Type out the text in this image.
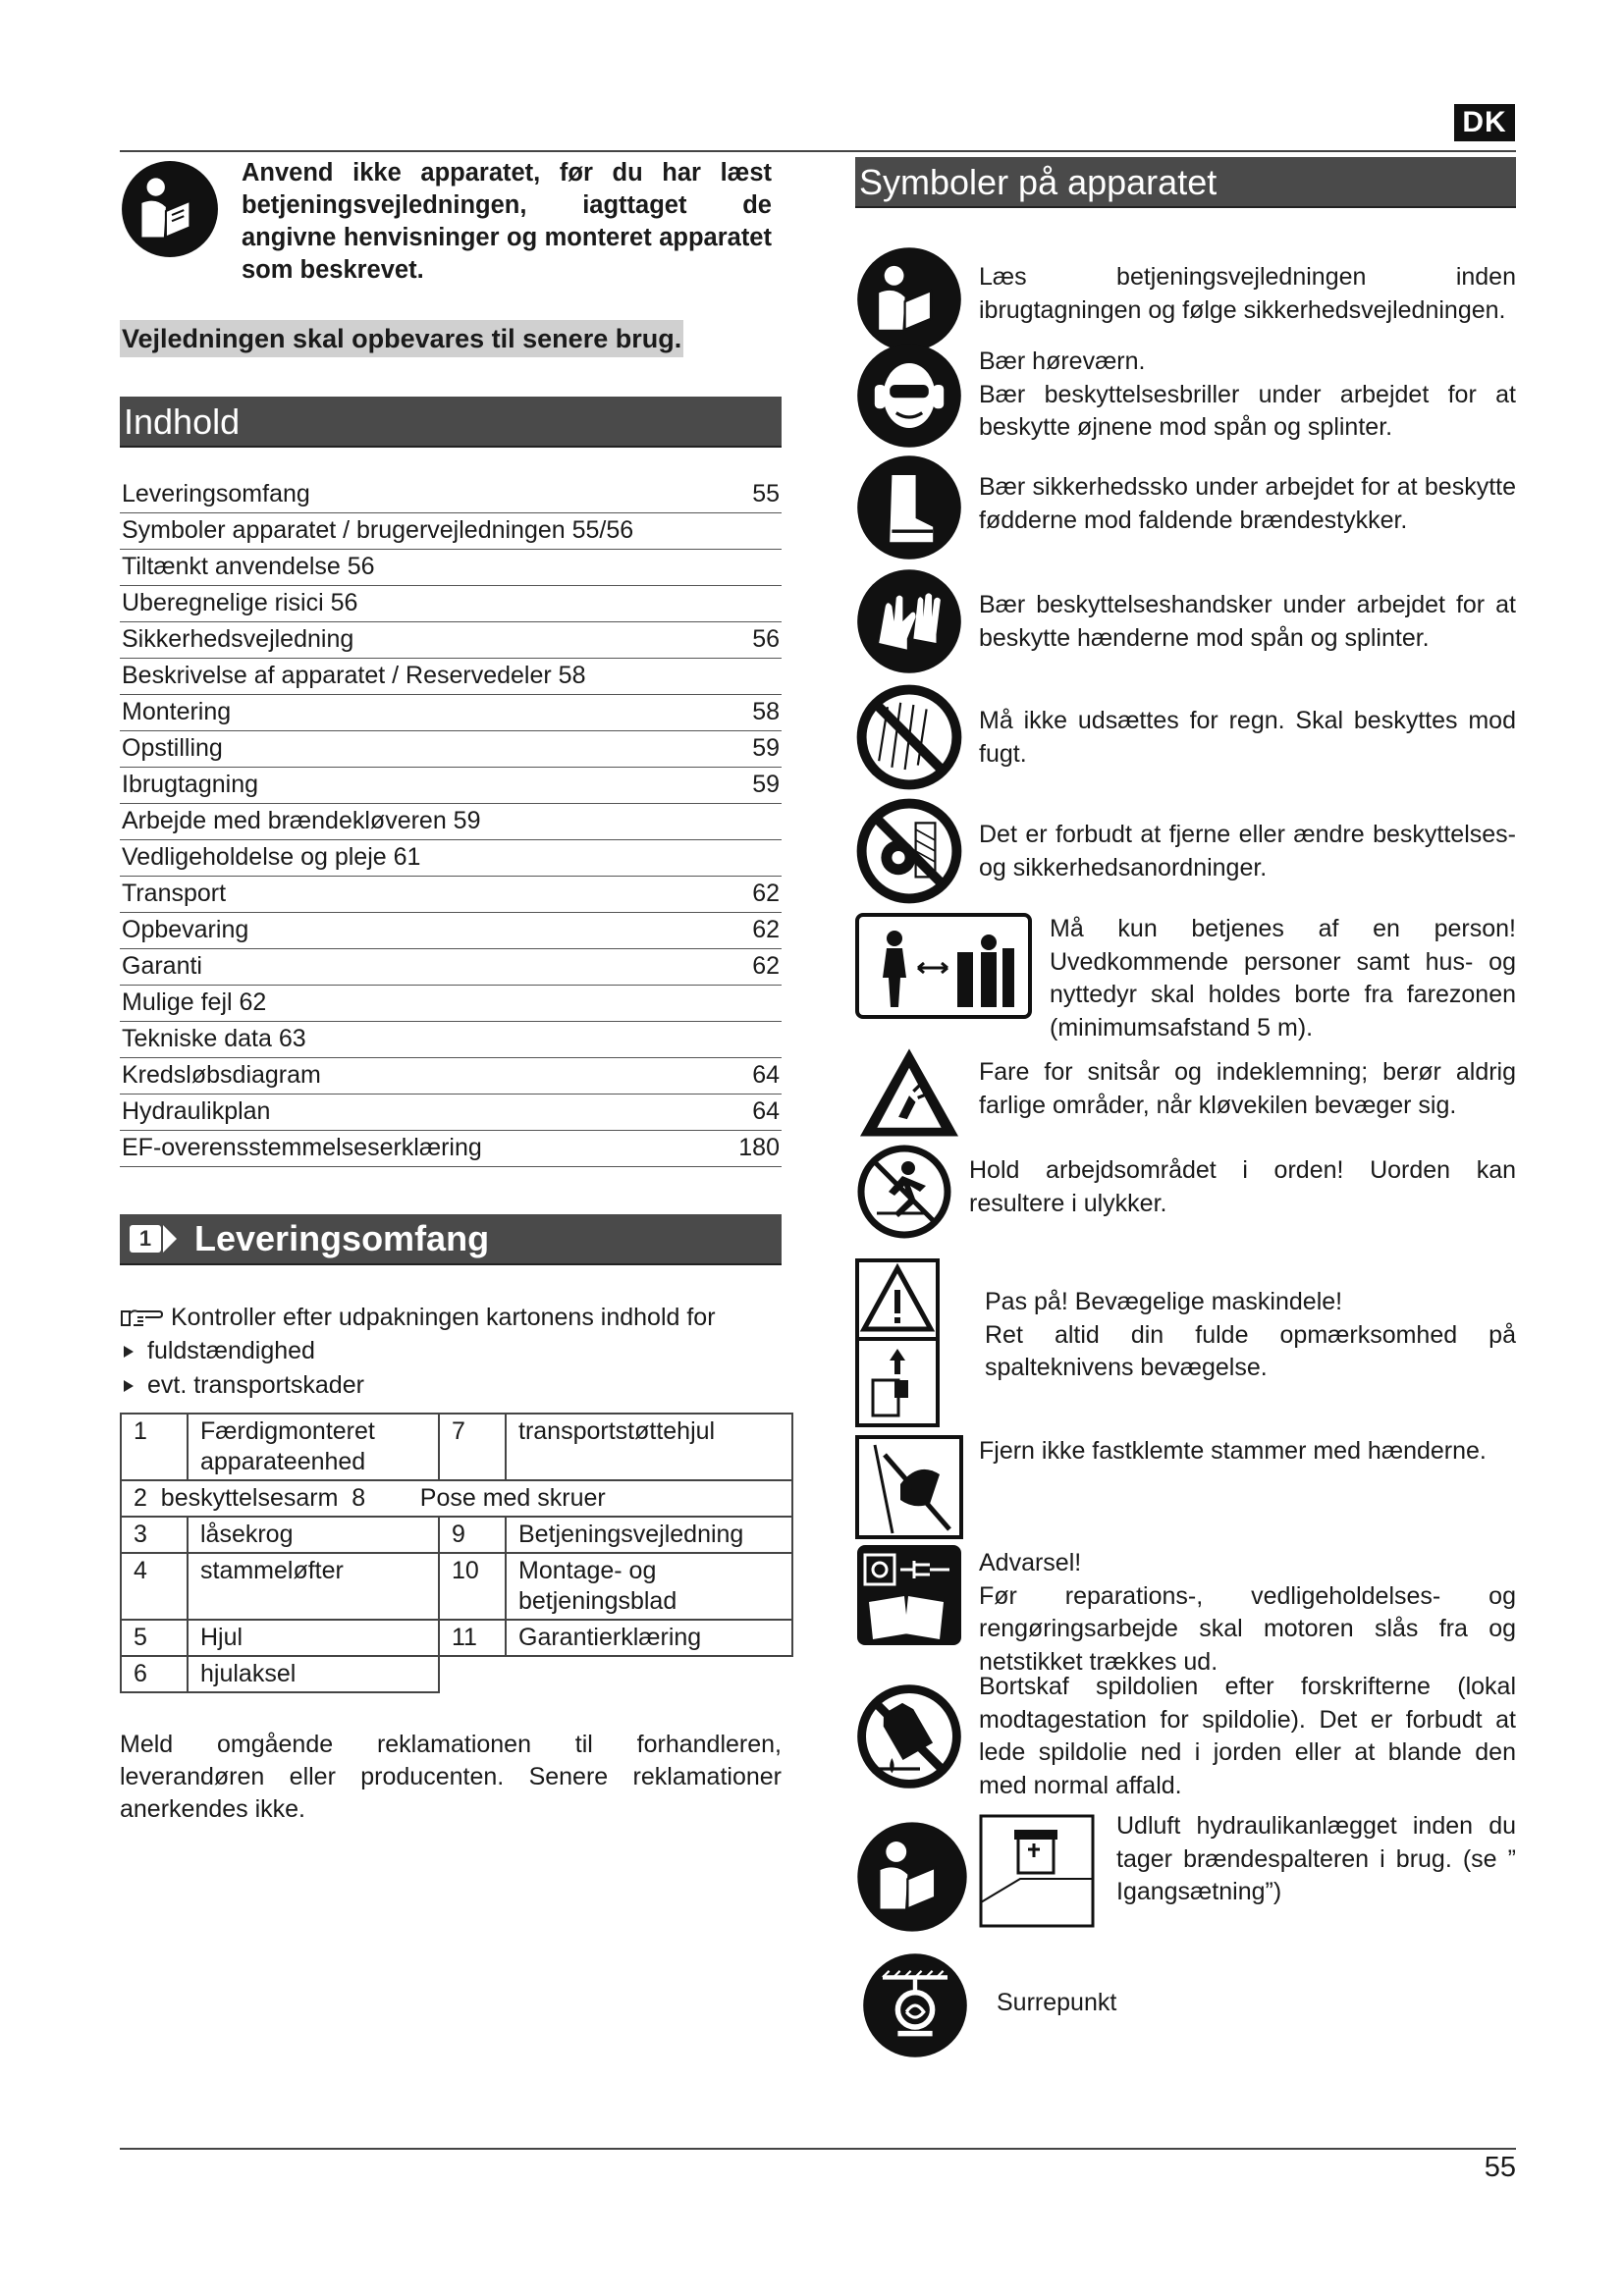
DK
Anvend ikke apparatet, før du har læst betjeningsvejledningen, iagttaget de angivne henvisninger og monteret apparatet som beskrevet.
Vejledningen skal opbevares til senere brug.
Indhold
Leveringsomfang	55
Symboler apparatet / brugervejledningen 55/56
Tiltænkt anvendelse 56
Uberegnelige risici 56
Sikkerhedsvejledning	56
Beskrivelse af apparatet / Reservedeler 58
Montering	58
Opstilling	59
Ibrugtagning	59
Arbejde med brændekløveren 59
Vedligeholdelse og pleje 61
Transport	62
Opbevaring	62
Garanti	62
Mulige fejl 62
Tekniske data 63
Kredsløbsdiagram	64
Hydraulikplan	64
EF-overensstemmelseserklæring	180
1 Leveringsomfang
Kontroller efter udpakningen kartonens indhold for
fuldstændighed
evt. transportskader
1	Færdigmonteret apparateenhed	7	transportstøttehjul
2  beskyttelsesarm  8        Pose med skruer			
3	låsekrog	9	Betjeningsvejledning
4	stammeløfter	10	Montage- og betjeningsblad
5	Hjul	11	Garantierklæring
6	hjulaksel		
Meld omgående reklamationen til forhandleren, leverandøren eller producenten. Senere reklamationer anerkendes ikke.
Symboler på apparatet
Læs betjeningsvejledningen inden ibrugtagningen og følge sikkerhedsvejledningen.

Bær høreværn.

Bær beskyttelsesbriller under arbejdet for at beskytte øjnene mod spån og splinter.

Bær sikkerhedssko under arbejdet for at beskytte fødderne mod faldende brændestykker.
Bær beskyttelseshandsker under arbejdet for at beskytte hænderne mod spån og splinter.
Må ikke udsættes for regn. Skal beskyttes mod fugt.
Det er forbudt at fjerne eller ændre beskyttelses- og sikkerhedsanordninger.
Må kun betjenes af en person! Uvedkommende personer samt hus- og nyttedyr skal holdes borte fra farezonen (minimumsafstand 5 m).
Fare for snitsår og indeklemning; berør aldrig farlige områder, når kløvekilen bevæger sig.
Hold arbejdsområdet i orden! Uorden kan resultere i ulykker.

Pas på! Bevægelige maskindele!

Ret altid din fulde opmærksomhed på spalteknivens bevægelse.

Fjern ikke fastklemte stammer med hænderne.

Advarsel!

Før reparations-, vedligeholdelses- og rengøringsarbejde skal motoren slås fra og netstikket trækkes ud.

Bortskaf spildolien efter forskrifterne (lokal modtagestation for spildolie). Det er forbudt at lede spildolie ned i jorden eller at blande den med normal affald.
Udluft hydraulikanlægget inden du tager brændespalteren i brug. (se ” Igangsætning”)
Surrepunkt
55
